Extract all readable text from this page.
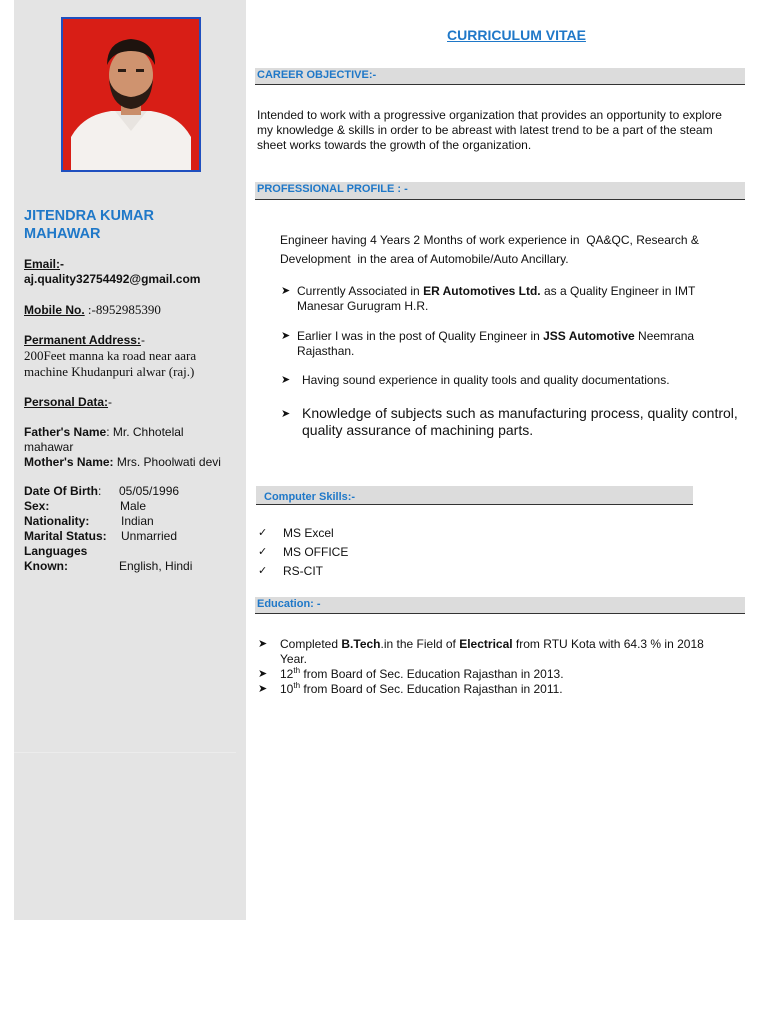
JITENDRA KUMAR
MAHAWAR
Email:-
aj.quality32754492@gmail.com
Mobile No. :-8952985390
Permanent Address:-
200Feet manna ka road near aara
machine Khudanpuri alwar (raj.)
Personal Data:-
Father's Name: Mr. Chhotelal
mahawar
Mother's Name: Mrs. Phoolwati devi
Date Of Birth: 05/05/1996
Sex:	Male
Nationality:	Indian
Marital Status: Unmarried
Languages
Known:	English, Hindi
CURRICULUM VITAE
CAREER OBJECTIVE:-
Intended to work with a progressive organization that provides an opportunity to explore
my knowledge & skills in order to be abreast with latest trend to be a part of the steam
sheet works towards the growth of the organization.
PROFESSIONAL PROFILE : -
Engineer having 4 Years 2 Months of work experience in  QA&QC, Research &
Development  in the area of Automobile/Auto Ancillary.
➤ Currently Associated in ER Automotives Ltd. as a Quality Engineer in IMT
Manesar Gurugram H.R.
➤ Earlier I was in the post of Quality Engineer in JSS Automotive Neemrana
Rajasthan.
➤ Having sound experience in quality tools and quality documentations.
➤ Knowledge of subjects such as manufacturing process, quality control,
quality assurance of machining parts.
Computer Skills:-
✓ MS Excel
✓ MS OFFICE
✓ RS-CIT
Education: -
➤ Completed B.Tech.in the Field of Electrical from RTU Kota with 64.3 % in 2018
Year.
➤ 12th from Board of Sec. Education Rajasthan in 2013.
➤ 10th from Board of Sec. Education Rajasthan in 2011.
